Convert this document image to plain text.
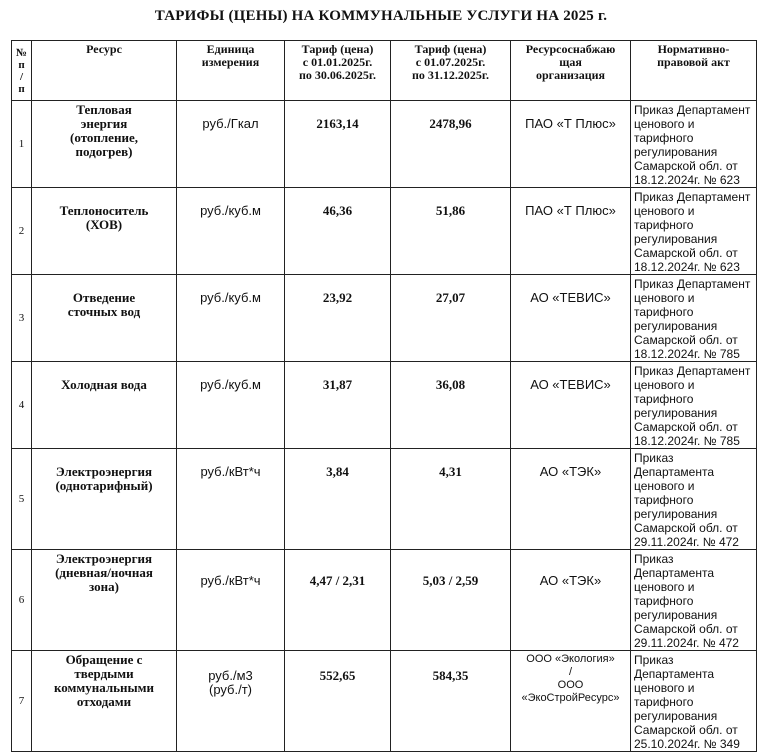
ТАРИФЫ (ЦЕНЫ) НА КОММУНАЛЬНЫЕ УСЛУГИ НА 2025 г.
№
п
/
п	Ресурс	Единица
измерения	Тариф (цена)
с 01.01.2025г.
по 30.06.2025г.	Тариф (цена)
с 01.07.2025г.
по 31.12.2025г.	Ресурсоснабжаю
щая
организация	Нормативно-
правовой акт
1	Тепловая
энергия
(отопление,
подогрев)	руб./Гкал	2163,14	2478,96	ПАО «Т Плюс»	Приказ Департамент
ценового и тарифного
регулирования
Самарской обл. от
18.12.2024г. № 623
2	Теплоноситель
(ХОВ)	руб./куб.м	46,36	51,86	ПАО «Т Плюс»	Приказ Департамент
ценового и тарифного
регулирования
Самарской обл. от
18.12.2024г. № 623
3	Отведение
сточных вод	руб./куб.м	23,92	27,07	АО «ТЕВИС»	Приказ Департамент
ценового и тарифного
регулирования
Самарской обл. от
18.12.2024г. № 785
4	Холодная вода	руб./куб.м	31,87	36,08	АО «ТЕВИС»	Приказ Департамент
ценового и тарифного
регулирования
Самарской обл. от
18.12.2024г. № 785
5	Электроэнергия
(однотарифный)	руб./кВт*ч	3,84	4,31	АО «ТЭК»	Приказ Департамента
ценового и тарифного
регулирования
Самарской обл. от
29.11.2024г. № 472
6	Электроэнергия
(дневная/ночная
зона)	руб./кВт*ч	4,47 / 2,31	5,03 / 2,59	АО «ТЭК»	Приказ Департамента
ценового и тарифного
регулирования
Самарской обл. от
29.11.2024г. № 472
7	Обращение с
твердыми
коммунальными
отходами	руб./м3
(руб./т)	552,65	584,35	ООО «Экология»
/
ООО
«ЭкоСтройРесурс»	Приказ Департамента
ценового и тарифного
регулирования
Самарской обл. от
25.10.2024г. № 349
